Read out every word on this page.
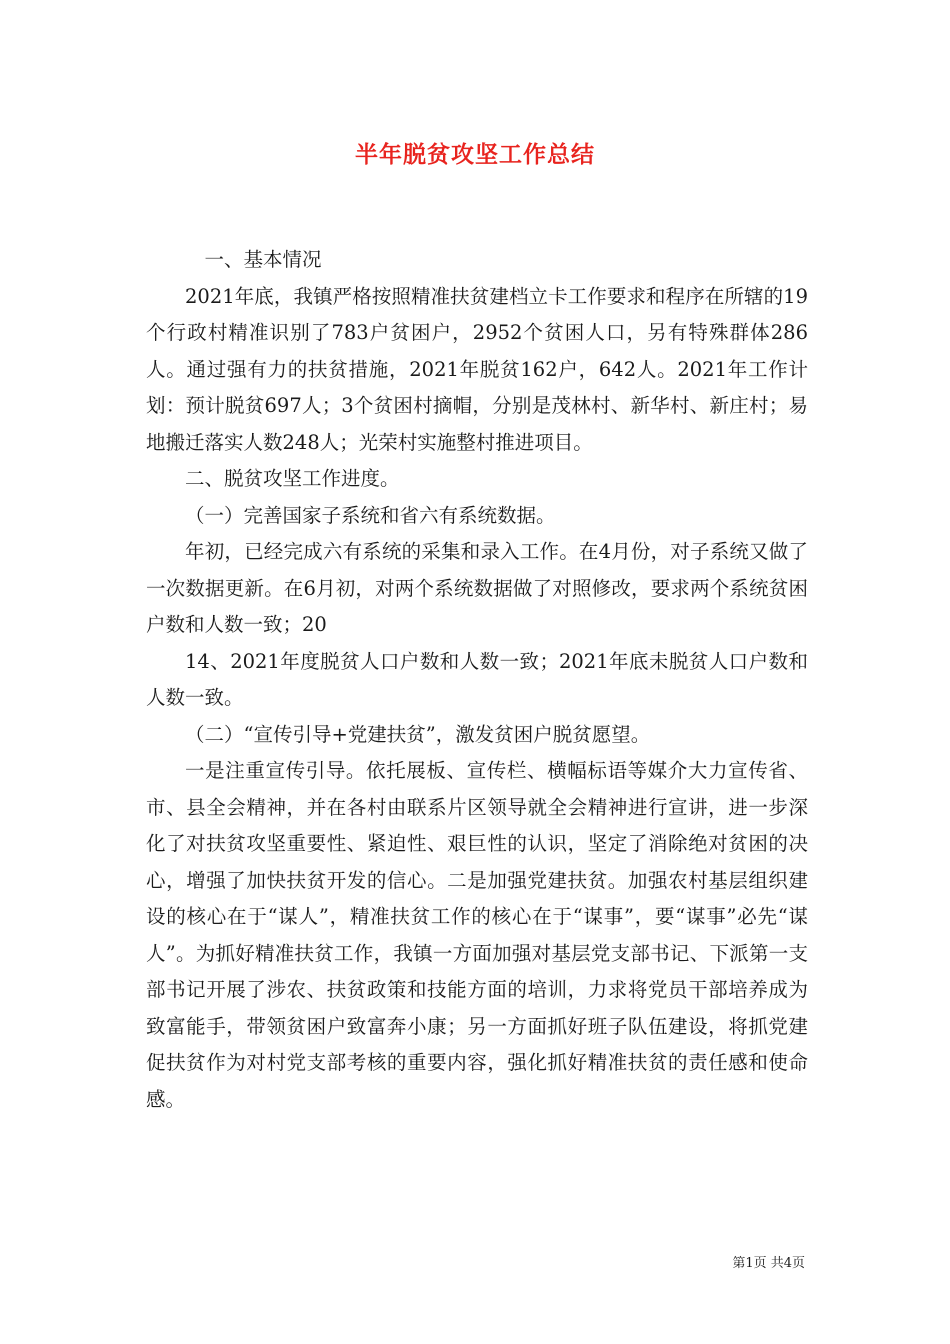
半年脱贫攻坚工作总结

一、基本情况

2021年底，我镇严格按照精准扶贫建档立卡工作要求和程序在所辖的19个行政村精准识别了783户贫困户，2952个贫困人口，另有特殊群体286人。通过强有力的扶贫措施，2021年脱贫162户，642人。2021年工作计划：预计脱贫697人；3个贫困村摘帽，分别是茂林村、新华村、新庄村；易地搬迁落实人数248人；光荣村实施整村推进项目。

二、脱贫攻坚工作进度。

（一）完善国家子系统和省六有系统数据。

年初，已经完成六有系统的采集和录入工作。在4月份，对子系统又做了一次数据更新。在6月初，对两个系统数据做了对照修改，要求两个系统贫困户数和人数一致；20

14、2021年度脱贫人口户数和人数一致；2021年底未脱贫人口户数和人数一致。

（二）“宣传引导+党建扶贫”，激发贫困户脱贫愿望。

一是注重宣传引导。依托展板、宣传栏、横幅标语等媒介大力宣传省、市、县全会精神，并在各村由联系片区领导就全会精神进行宣讲，进一步深化了对扶贫攻坚重要性、紧迫性、艰巨性的认识，坚定了消除绝对贫困的决心，增强了加快扶贫开发的信心。二是加强党建扶贫。加强农村基层组织建设的核心在于“谋人”，精准扶贫工作的核心在于“谋事”，要“谋事”必先“谋人”。为抓好精准扶贫工作，我镇一方面加强对基层党支部书记、下派第一支部书记开展了涉农、扶贫政策和技能方面的培训，力求将党员干部培养成为致富能手，带领贫困户致富奔小康；另一方面抓好班子队伍建设，将抓党建促扶贫作为对村党支部考核的重要内容，强化抓好精准扶贫的责任感和使命感。

第1页 共4页
